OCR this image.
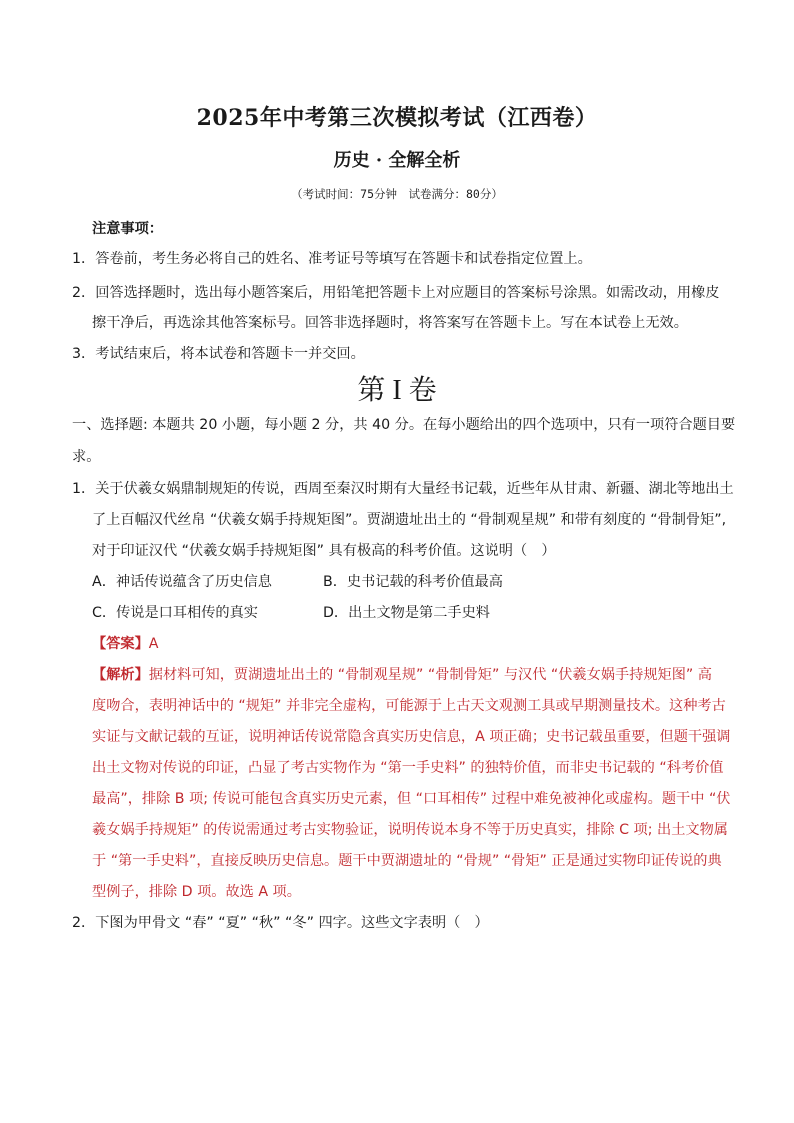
2025年中考第三次模拟考试（江西卷）
历史 · 全解全析
（考试时间：75分钟　试卷满分：80分）
注意事项：
1．答卷前，考生务必将自己的姓名、准考证号等填写在答题卡和试卷指定位置上。
2．回答选择题时，选出每小题答案后，用铅笔把答题卡上对应题目的答案标号涂黑。如需改动，用橡皮
擦干净后，再选涂其他答案标号。回答非选择题时，将答案写在答题卡上。写在本试卷上无效。
3．考试结束后，将本试卷和答题卡一并交回。
第 I 卷
一、选择题: 本题共 20 小题，每小题 2 分，共 40 分。在每小题给出的四个选项中，只有一项符合题目要
求。
1．关于伏羲女娲鼎制规矩的传说，西周至秦汉时期有大量经书记载，近些年从甘肃、新疆、湖北等地出土
了上百幅汉代丝帛 “伏羲女娲手持规矩图”。贾湖遗址出土的 “骨制观星规” 和带有刻度的 “骨制骨矩”,
对于印证汉代 “伏羲女娲手持规矩图” 具有极高的科考价值。这说明（　）
A．神话传说蕴含了历史信息	B．史书记载的科考价值最高
C．传说是口耳相传的真实	D．出土文物是第二手史料
【答案】A
【解析】据材料可知，贾湖遗址出土的 “骨制观星规” “骨制骨矩” 与汉代 “伏羲女娲手持规矩图” 高
度吻合，表明神话中的 “规矩” 并非完全虚构，可能源于上古天文观测工具或早期测量技术。这种考古
实证与文献记载的互证，说明神话传说常隐含真实历史信息，A 项正确；史书记载虽重要，但题干强调
出土文物对传说的印证，凸显了考古实物作为 “第一手史料” 的独特价值，而非史书记载的 “科考价值
最高”，排除 B 项; 传说可能包含真实历史元素，但 “口耳相传” 过程中难免被神化或虚构。题干中 “伏
羲女娲手持规矩” 的传说需通过考古实物验证，说明传说本身不等于历史真实，排除 C 项; 出土文物属
于 “第一手史料”，直接反映历史信息。题干中贾湖遗址的 “骨规” “骨矩” 正是通过实物印证传说的典
型例子，排除 D 项。故选 A 项。
2．下图为甲骨文 “春” “夏” “秋” “冬” 四字。这些文字表明（　）
